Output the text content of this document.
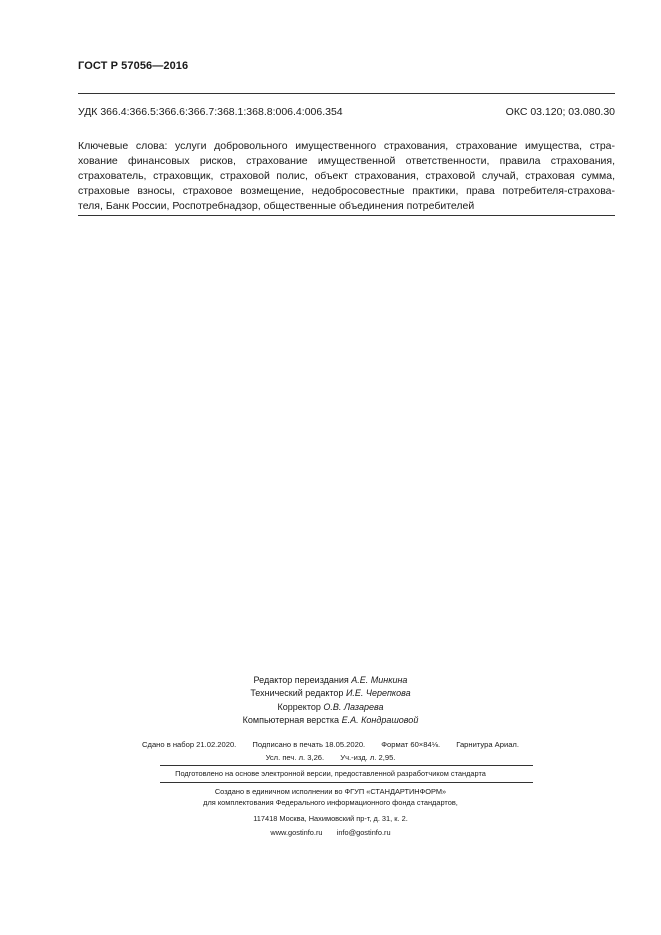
ГОСТ Р 57056—2016
УДК 366.4:366.5:366.6:366.7:368.1:368.8:006.4:006.354	ОКС 03.120; 03.080.30
Ключевые слова: услуги добровольного имущественного страхования, страхование имущества, стра-
хование финансовых рисков, страхование имущественной ответственности, правила страхования,
страхователь, страховщик, страховой полис, объект страхования, страховой случай, страховая сумма,
страховые взносы, страховое возмещение, недобросовестные практики, права потребителя-страхова-
теля, Банк России, Роспотребнадзор, общественные объединения потребителей
Редактор переиздания А.Е. Минкина
Технический редактор И.Е. Черепкова
Корректор О.В. Лазарева
Компьютерная верстка Е.А. Кондрашовой
Сдано в набор 21.02.2020. Подписано в печать 18.05.2020. Формат 60×84⅛. Гарнитура Ариал.
Усл. печ. л. 3,26. Уч.-изд. л. 2,95.
Подготовлено на основе электронной версии, предоставленной разработчиком стандарта
Создано в единичном исполнении во ФГУП «СТАНДАРТИНФОРМ»
для комплектования Федерального информационного фонда стандартов,
117418 Москва, Нахимовский пр-т, д. 31, к. 2.
www.gostinfo.ru info@gostinfo.ru
